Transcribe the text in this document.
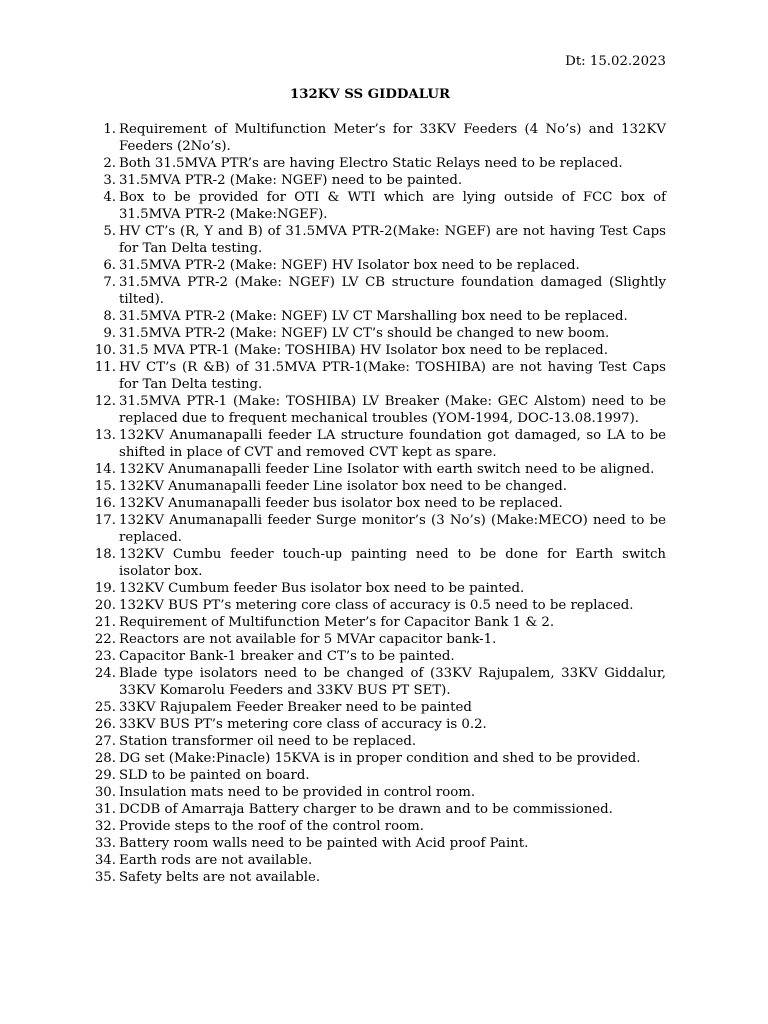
Dt: 15.02.2023
132KV SS GIDDALUR
1. Requirement of Multifunction Meter’s for 33KV Feeders (4 No’s) and 132KV Feeders (2No’s).
2. Both 31.5MVA PTR’s are having Electro Static Relays need to be replaced.
3. 31.5MVA PTR-2 (Make: NGEF) need to be painted.
4. Box to be provided for OTI & WTI which are lying outside of FCC box of 31.5MVA PTR-2 (Make:NGEF).
5. HV CT’s (R, Y and B) of 31.5MVA PTR-2(Make: NGEF) are not having Test Caps for Tan Delta testing.
6. 31.5MVA PTR-2 (Make: NGEF) HV Isolator box need to be replaced.
7. 31.5MVA PTR-2 (Make: NGEF) LV CB structure foundation damaged (Slightly tilted).
8. 31.5MVA PTR-2 (Make: NGEF) LV CT Marshalling box need to be replaced.
9. 31.5MVA PTR-2 (Make: NGEF) LV CT’s should be changed to new boom.
10. 31.5 MVA PTR-1 (Make: TOSHIBA) HV Isolator box need to be replaced.
11. HV CT’s (R &B) of 31.5MVA PTR-1(Make: TOSHIBA) are not having Test Caps for Tan Delta testing.
12. 31.5MVA PTR-1 (Make: TOSHIBA) LV Breaker (Make: GEC Alstom) need to be replaced due to frequent mechanical troubles (YOM-1994, DOC-13.08.1997).
13. 132KV Anumanapalli feeder LA structure foundation got damaged, so LA to be shifted in place of CVT and removed CVT kept as spare.
14. 132KV Anumanapalli feeder Line Isolator with earth switch need to be aligned.
15. 132KV Anumanapalli feeder Line isolator box need to be changed.
16. 132KV Anumanapalli feeder bus isolator box need to be replaced.
17. 132KV Anumanapalli feeder Surge monitor’s (3 No’s) (Make:MECO) need to be replaced.
18. 132KV Cumbu feeder touch-up painting need to be done for Earth switch isolator box.
19. 132KV Cumbum feeder Bus isolator box need to be painted.
20. 132KV BUS PT’s metering core class of accuracy is 0.5 need to be replaced.
21. Requirement of Multifunction Meter’s for Capacitor Bank 1 & 2.
22. Reactors are not available for 5 MVAr capacitor bank-1.
23. Capacitor Bank-1 breaker and CT’s to be painted.
24. Blade type isolators need to be changed of (33KV Rajupalem, 33KV Giddalur, 33KV Komarolu Feeders and 33KV BUS PT SET).
25. 33KV Rajupalem Feeder Breaker need to be painted
26. 33KV BUS PT’s metering core class of accuracy is 0.2.
27. Station transformer oil need to be replaced.
28. DG set (Make:Pinacle) 15KVA is in proper condition and shed to be provided.
29. SLD to be painted on board.
30. Insulation mats need to be provided in control room.
31. DCDB of Amarraja Battery charger to be drawn and to be commissioned.
32. Provide steps to the roof of the control room.
33. Battery room walls need to be painted with Acid proof Paint.
34. Earth rods are not available.
35. Safety belts are not available.
